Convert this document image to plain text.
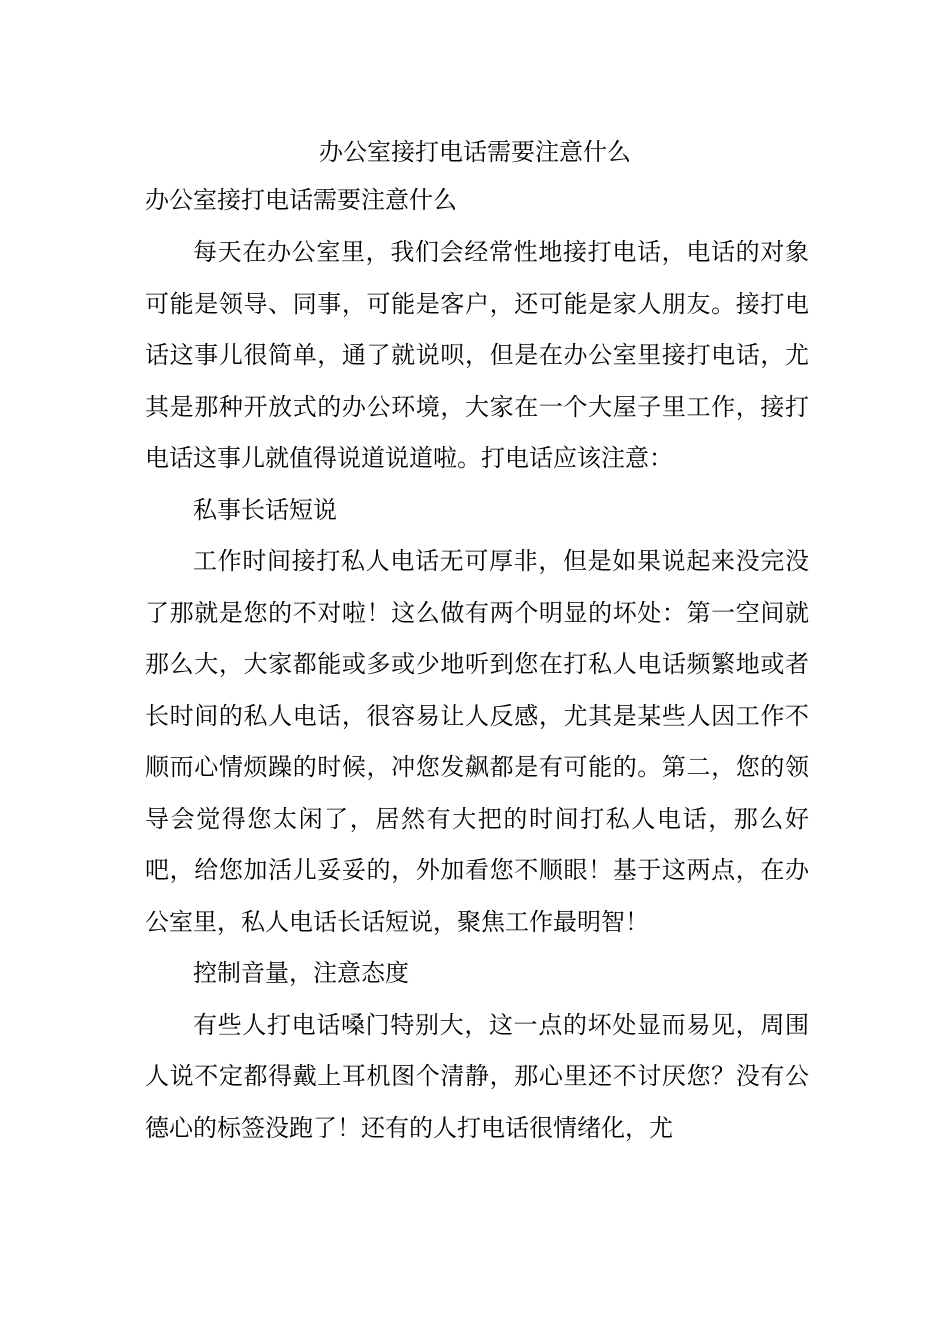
办公室接打电话需要注意什么
办公室接打电话需要注意什么

每天在办公室里，我们会经常性地接打电话，电话的对象可能是领导、同事，可能是客户，还可能是家人朋友。接打电话这事儿很简单，通了就说呗，但是在办公室里接打电话，尤其是那种开放式的办公环境，大家在一个大屋子里工作，接打电话这事儿就值得说道说道啦。打电话应该注意：

私事长话短说

工作时间接打私人电话无可厚非，但是如果说起来没完没了那就是您的不对啦！这么做有两个明显的坏处：第一空间就那么大，大家都能或多或少地听到您在打私人电话频繁地或者长时间的私人电话，很容易让人反感，尤其是某些人因工作不顺而心情烦躁的时候，冲您发飙都是有可能的。第二，您的领导会觉得您太闲了，居然有大把的时间打私人电话，那么好吧，给您加活儿妥妥的，外加看您不顺眼！基于这两点，在办公室里，私人电话长话短说，聚焦工作最明智！

控制音量，注意态度

有些人打电话嗓门特别大，这一点的坏处显而易见，周围人说不定都得戴上耳机图个清静，那心里还不讨厌您？没有公德心的标签没跑了！还有的人打电话很情绪化，尤
